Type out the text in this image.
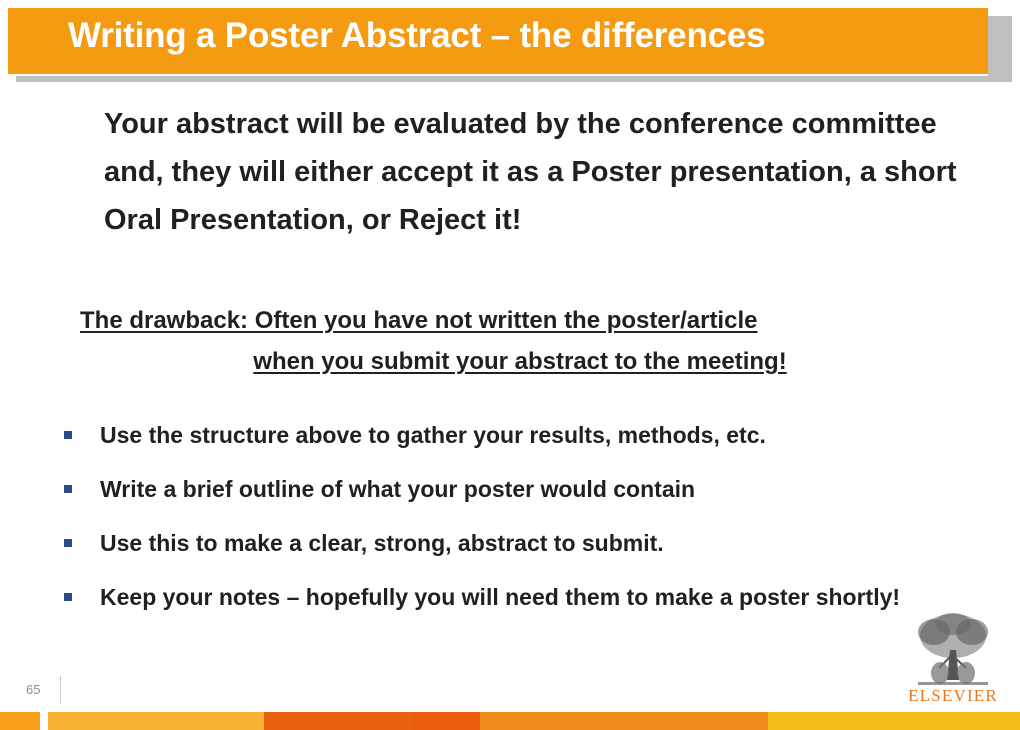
Writing a Poster Abstract – the differences
Your abstract will be evaluated by the conference committee and, they will either accept it as a Poster presentation, a short Oral Presentation, or Reject it!
The drawback: Often you have not written the poster/article
when you submit your abstract to the meeting!
Use the structure above to gather your results, methods, etc.
Write a brief outline of what your poster would contain
Use this to make a clear, strong, abstract to submit.
Keep your notes – hopefully you will need them to make a poster shortly!
65	ELSEVIER
